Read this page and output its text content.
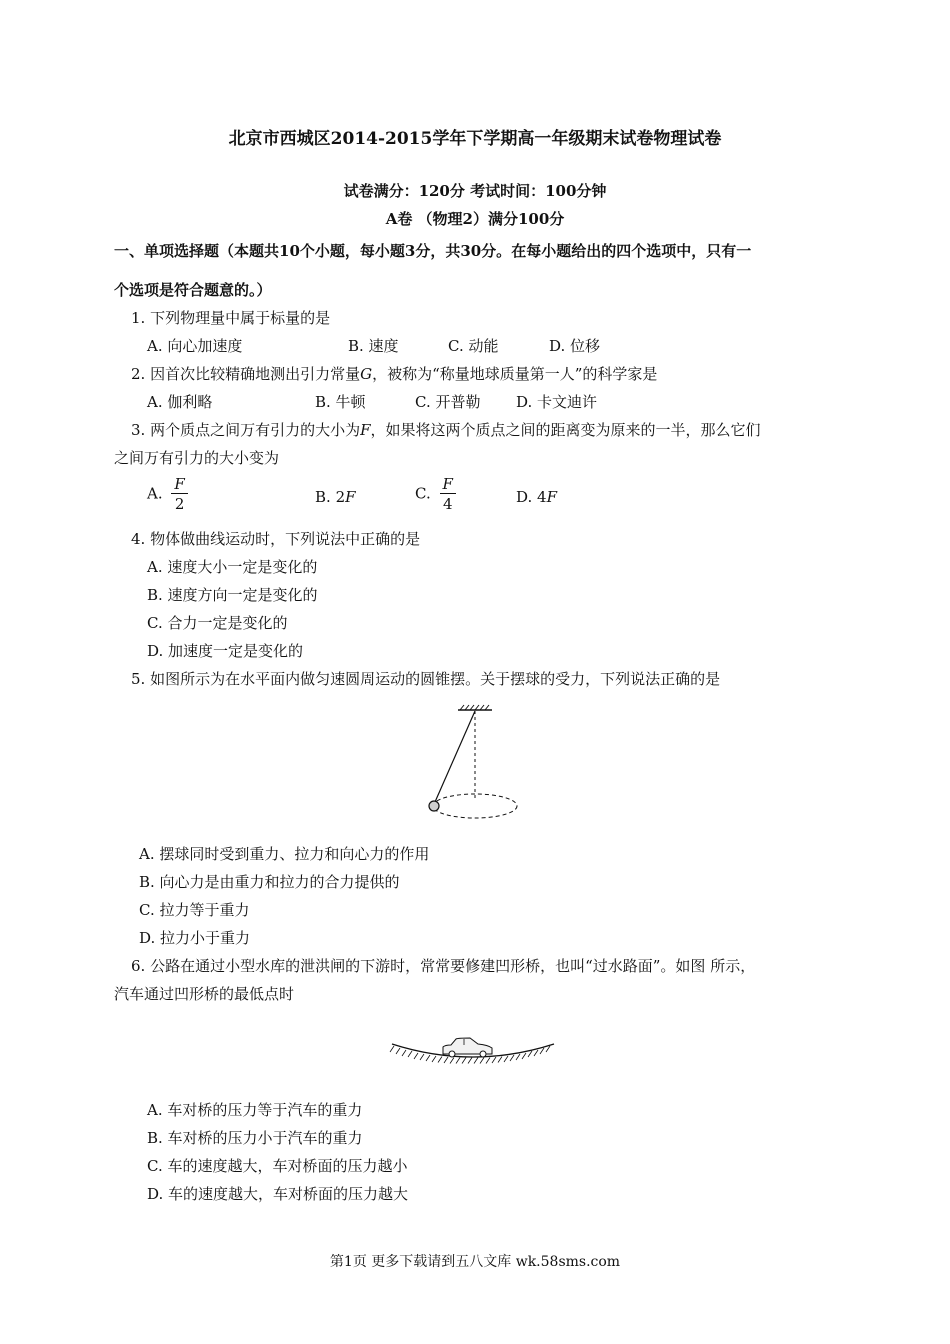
北京市西城区2014-2015学年下学期高一年级期末试卷物理试卷
试卷满分：120分 考试时间：100分钟
A卷 （物理2）满分100分
一、单项选择题（本题共10个小题，每小题3分，共30分。在每小题给出的四个选项中，只有一
个选项是符合题意的。）
1. 下列物理量中属于标量的是
A. 向心加速度	B. 速度	C. 动能	D. 位移
2. 因首次比较精确地测出引力常量G，被称为“称量地球质量第一人”的科学家是
A. 伽利略	B. 牛顿	C. 开普勒 D. 卡文迪许
3. 两个质点之间万有引力的大小为F，如果将这两个质点之间的距离变为原来的一半，那么它们
之间万有引力的大小变为
A. $\frac{F}{2}$	B. 2F	C. $\frac{F}{4}$	D. 4F
4. 物体做曲线运动时，下列说法中正确的是
A. 速度大小一定是变化的
B. 速度方向一定是变化的
C. 合力一定是变化的
D. 加速度一定是变化的
5. 如图所示为在水平面内做匀速圆周运动的圆锥摆。关于摆球的受力，下列说法正确的是
A. 摆球同时受到重力、拉力和向心力的作用
B. 向心力是由重力和拉力的合力提供的
C. 拉力等于重力
D. 拉力小于重力
6. 公路在通过小型水库的泄洪闸的下游时，常常要修建凹形桥，也叫“过水路面”。如图 所示，
汽车通过凹形桥的最低点时
A. 车对桥的压力等于汽车的重力
B. 车对桥的压力小于汽车的重力
C. 车的速度越大，车对桥面的压力越小
D. 车的速度越大，车对桥面的压力越大
第1页 更多下载请到五八文库 wk.58sms.com
